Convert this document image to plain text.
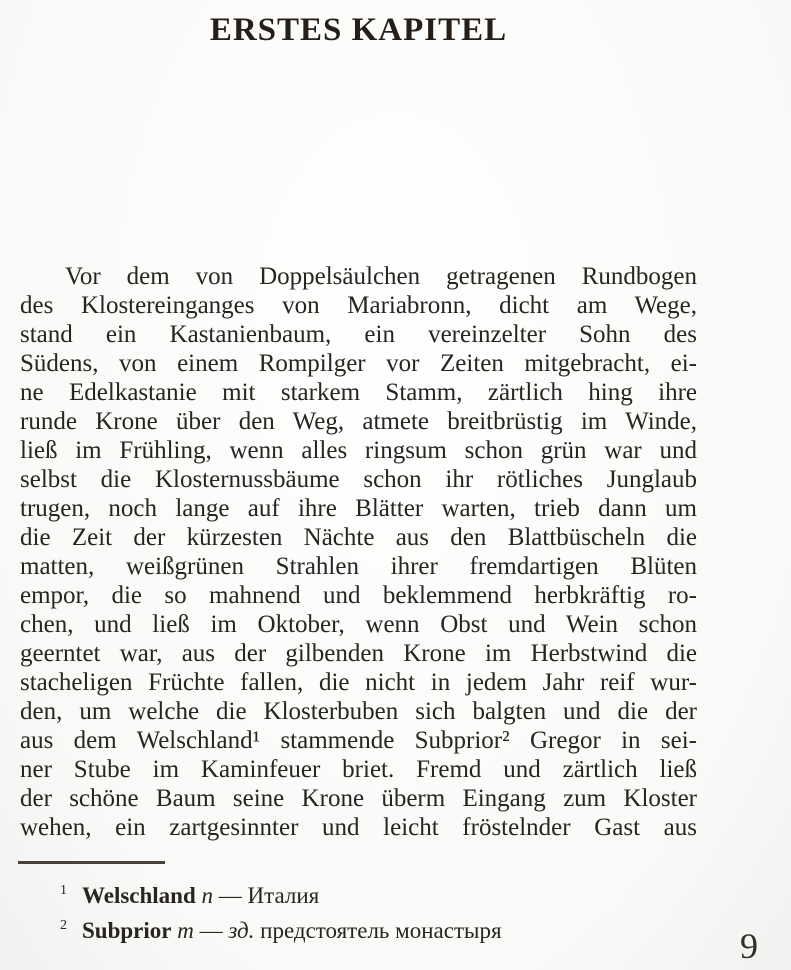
ERSTES KAPITEL
Vor dem von Doppelsäulchen getragenen Rundbogen
des Klostereinganges von Mariabronn, dicht am Wege,
stand ein Kastanienbaum, ein vereinzelter Sohn des
Südens, von einem Rompilger vor Zeiten mitgebracht, ei-
ne Edelkastanie mit starkem Stamm, zärtlich hing ihre
runde Krone über den Weg, atmete breitbrüstig im Winde,
ließ im Frühling, wenn alles ringsum schon grün war und
selbst die Klosternussbäume schon ihr rötliches Junglaub
trugen, noch lange auf ihre Blätter warten, trieb dann um
die Zeit der kürzesten Nächte aus den Blattbüscheln die
matten, weißgrünen Strahlen ihrer fremdartigen Blüten
empor, die so mahnend und beklemmend herbkräftig ro-
chen, und ließ im Oktober, wenn Obst und Wein schon
geerntet war, aus der gilbenden Krone im Herbstwind die
stacheligen Früchte fallen, die nicht in jedem Jahr reif wur-
den, um welche die Klosterbuben sich balgten und die der
aus dem Welschland¹ stammende Subprior² Gregor in sei-
ner Stube im Kaminfeuer briet. Fremd und zärtlich ließ
der schöne Baum seine Krone überm Eingang zum Kloster
wehen, ein zartgesinnter und leicht fröstelnder Gast aus
$^1$ Welschland n — Италия
$^2$ Subprior m — зд. предстоятель монастыря	9
